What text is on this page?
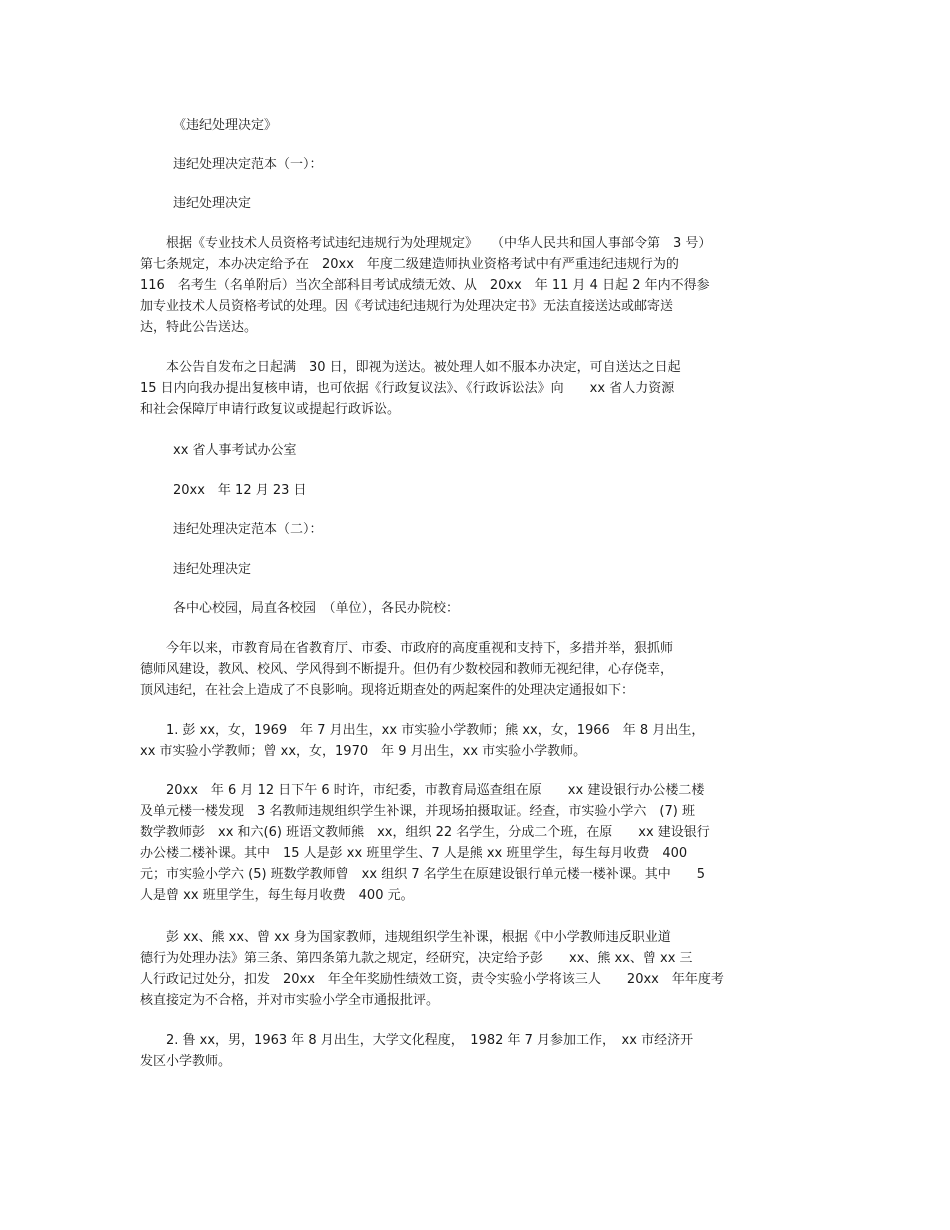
《违纪处理决定》

违纪处理决定范本（一）：

违纪处理决定

　　根据《专业技术人员资格考试违纪违规行为处理规定》　　（中华人民共和国人事部令第　3 号）
第七条规定，本办决定给予在　20xx　年度二级建造师执业资格考试中有严重违纪违规行为的
116　名考生（名单附后）当次全部科目考试成绩无效、从　20xx　年 11 月 4 日起 2 年内不得参
加专业技术人员资格考试的处理。因《考试违纪违规行为处理决定书》无法直接送达或邮寄送
达，特此公告送达。
　　本公告自发布之日起满　30 日，即视为送达。被处理人如不服本办决定，可自送达之日起
15 日内向我办提出复核申请，也可依据《行政复议法》、《行政诉讼法》向　　xx 省人力资源
和社会保障厅申请行政复议或提起行政诉讼。

xx 省人事考试办公室

20xx　年 12 月 23 日

违纪处理决定范本（二）：

违纪处理决定

各中心校园，局直各校园　（单位），各民办院校：

　　今年以来，市教育局在省教育厅、市委、市政府的高度重视和支持下，多措并举，狠抓师
德师风建设，教风、校风、学风得到不断提升。但仍有少数校园和教师无视纪律，心存侥幸，
顶风违纪，在社会上造成了不良影响。现将近期查处的两起案件的处理决定通报如下：
　　1. 彭 xx，女，1969　年 7 月出生，xx 市实验小学教师；熊 xx，女，1966　年 8 月出生，
xx 市实验小学教师；曾 xx，女，1970　年 9 月出生，xx 市实验小学教师。
　　20xx　年 6 月 12 日下午 6 时许，市纪委，市教育局巡查组在原　　xx 建设银行办公楼二楼
及单元楼一楼发现　3 名教师违规组织学生补课，并现场拍摄取证。经查，市实验小学六　(7) 班
数学教师彭　xx 和六(6) 班语文教师熊　xx，组织 22 名学生，分成二个班，在原　　xx 建设银行
办公楼二楼补课。其中　15 人是彭 xx 班里学生、7 人是熊 xx 班里学生，每生每月收费　400
元；市实验小学六 (5) 班数学教师曾　xx 组织 7 名学生在原建设银行单元楼一楼补课。其中　　5
人是曾 xx 班里学生，每生每月收费　400 元。
　　彭 xx、熊 xx、曾 xx 身为国家教师，违规组织学生补课，根据《中小学教师违反职业道
德行为处理办法》第三条、第四条第九款之规定，经研究，决定给予彭　　xx、熊 xx、曾 xx 三
人行政记过处分，扣发　20xx　年全年奖励性绩效工资，责令实验小学将该三人　　20xx　年年度考
核直接定为不合格，并对市实验小学全市通报批评。
　　2. 鲁 xx，男，1963 年 8 月出生，大学文化程度，　1982 年 7 月参加工作，　xx 市经济开
发区小学教师。
